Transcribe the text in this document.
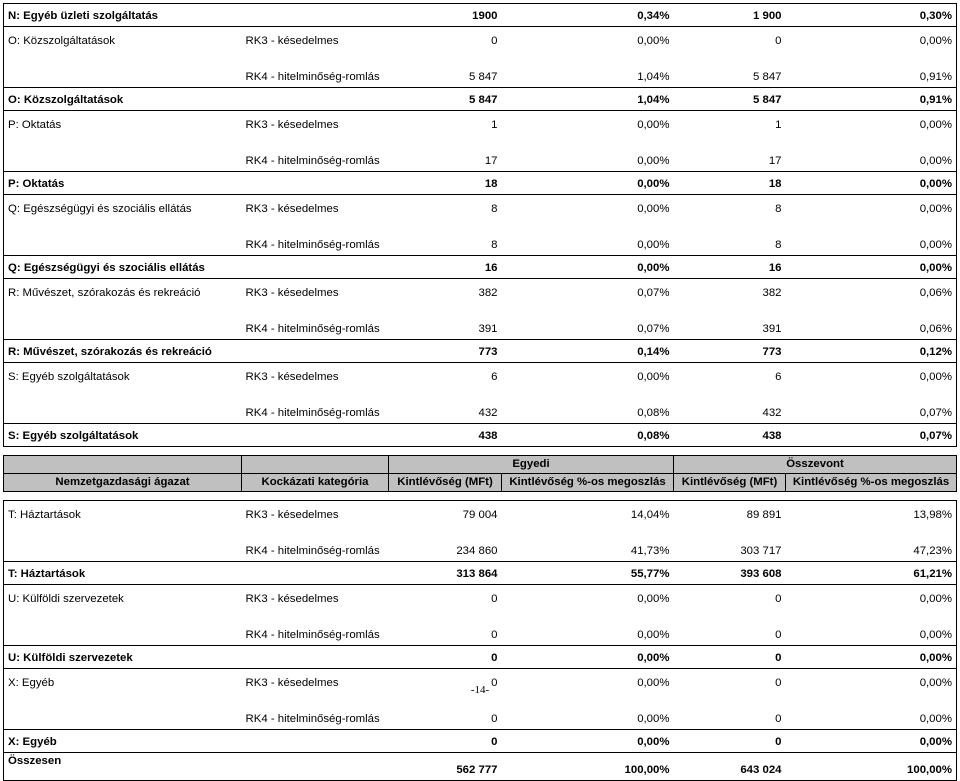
N: Egyéb üzleti szolgáltatás		1900	0,34%	1 900	0,30%
O: Közszolgáltatások	RK3 - késedelmes	0	0,00%	0	0,00%
	RK4 - hitelminőség-romlás	5 847	1,04%	5 847	0,91%
O: Közszolgáltatások		5 847	1,04%	5 847	0,91%
P: Oktatás	RK3 - késedelmes	1	0,00%	1	0,00%
	RK4 - hitelminőség-romlás	17	0,00%	17	0,00%
P: Oktatás		18	0,00%	18	0,00%
Q: Egészségügyi és szociális ellátás	RK3 - késedelmes	8	0,00%	8	0,00%
	RK4 - hitelminőség-romlás	8	0,00%	8	0,00%
Q: Egészségügyi és szociális ellátás		16	0,00%	16	0,00%
R: Művészet, szórakozás és rekreáció	RK3 - késedelmes	382	0,07%	382	0,06%
	RK4 - hitelminőség-romlás	391	0,07%	391	0,06%
R: Művészet, szórakozás és rekreáció		773	0,14%	773	0,12%
S: Egyéb szolgáltatások	RK3 - késedelmes	6	0,00%	6	0,00%
	RK4 - hitelminőség-romlás	432	0,08%	432	0,07%
S: Egyéb szolgáltatások		438	0,08%	438	0,07%

		Egyedi		Összevont	
Nemzetgazdasági ágazat	Kockázati kategória	Kintlévőség (MFt)	Kintlévőség %-os megoszlás	Kintlévőség (MFt)	Kintlévőség %-os megoszlás

T: Háztartások	RK3 - késedelmes	79 004	14,04%	89 891	13,98%
	RK4 - hitelminőség-romlás	234 860	41,73%	303 717	47,23%
T: Háztartások		313 864	55,77%	393 608	61,21%
U: Külföldi szervezetek	RK3 - késedelmes	0	0,00%	0	0,00%
	RK4 - hitelminőség-romlás	0	0,00%	0	0,00%
U: Külföldi szervezetek		0	0,00%	0	0,00%
X: Egyéb	RK3 - késedelmes	0	0,00%	0	0,00%
	RK4 - hitelminőség-romlás	0	0,00%	0	0,00%
X: Egyéb		0	0,00%	0	0,00%
Összesen		562 777	100,00%	643 024	100,00%
-14-
